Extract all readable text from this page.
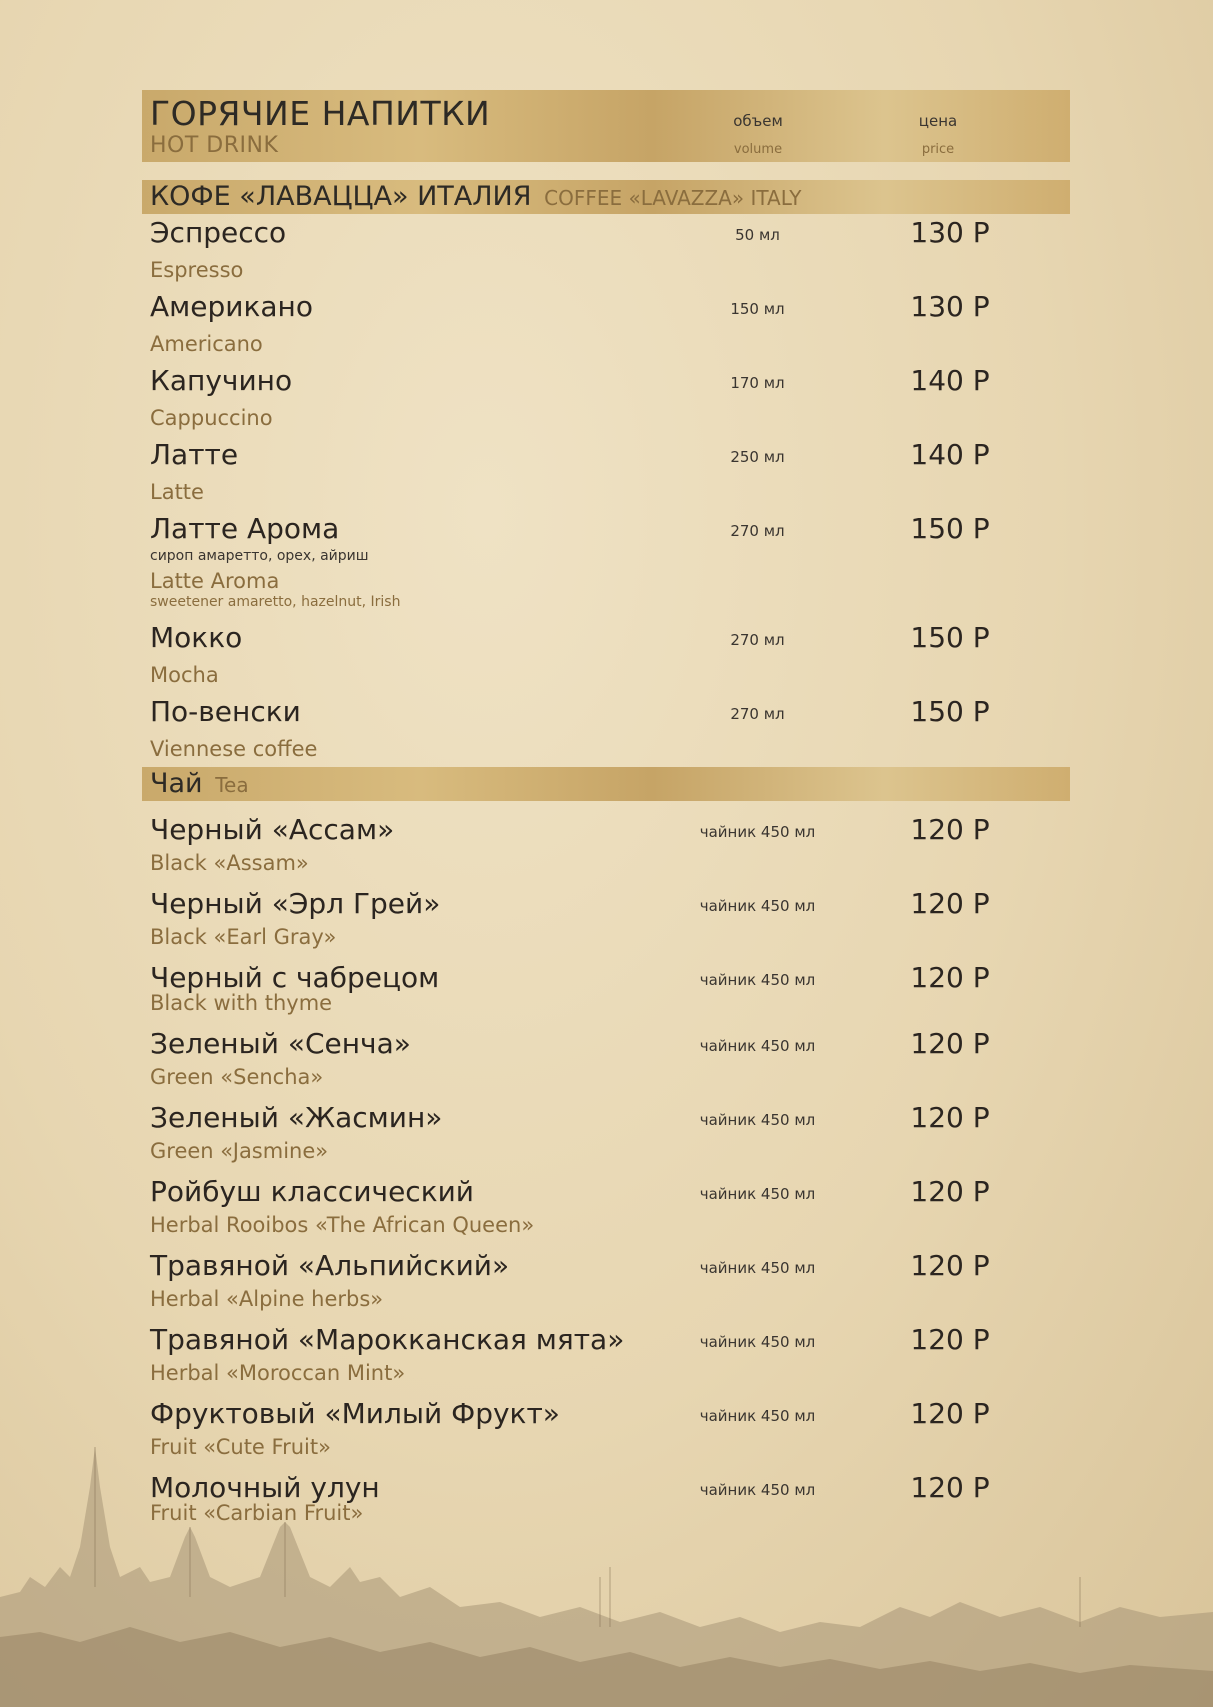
ГОРЯЧИЕ НАПИТКИ
HOT DRINK
объем
volume
цена
price
КОФЕ «ЛАВАЦЦА» ИТАЛИЯ COFFEE «LAVAZZA» ITALY
Эспрессо
Espresso
50 мл	130 Р
Американо
Americano
150 мл	130 Р
Капучино
Cappuccino
170 мл	140 Р
Латте
Latte
250 мл	140 Р
Латте Арома
сироп амаретто, орех, айриш
Latte Aroma
sweetener amaretto, hazelnut, Irish
270 мл	150 Р
Мокко
Mocha
270 мл	150 Р
По-венски
Viennese coffee
270 мл	150 Р
Чай Tea
Черный «Ассам»
Black «Assam»
чайник 450 мл	120 Р
Черный «Эрл Грей»
Black «Earl Gray»
чайник 450 мл	120 Р
Черный с чабрецом
Black with thyme
чайник 450 мл	120 Р
Зеленый «Сенча»
Green «Sencha»
чайник 450 мл	120 Р
Зеленый «Жасмин»
Green «Jasmine»
чайник 450 мл	120 Р
Ройбуш классический
Herbal Rooibos «The African Queen»
чайник 450 мл	120 Р
Травяной «Альпийский»
Herbal «Alpine herbs»
чайник 450 мл	120 Р
Травяной «Марокканская мята»
Herbal «Moroccan Mint»
чайник 450 мл	120 Р
Фруктовый «Милый Фрукт»
Fruit «Cute Fruit»
чайник 450 мл	120 Р
Молочный улун
Fruit «Carbian Fruit»
чайник 450 мл	120 Р
